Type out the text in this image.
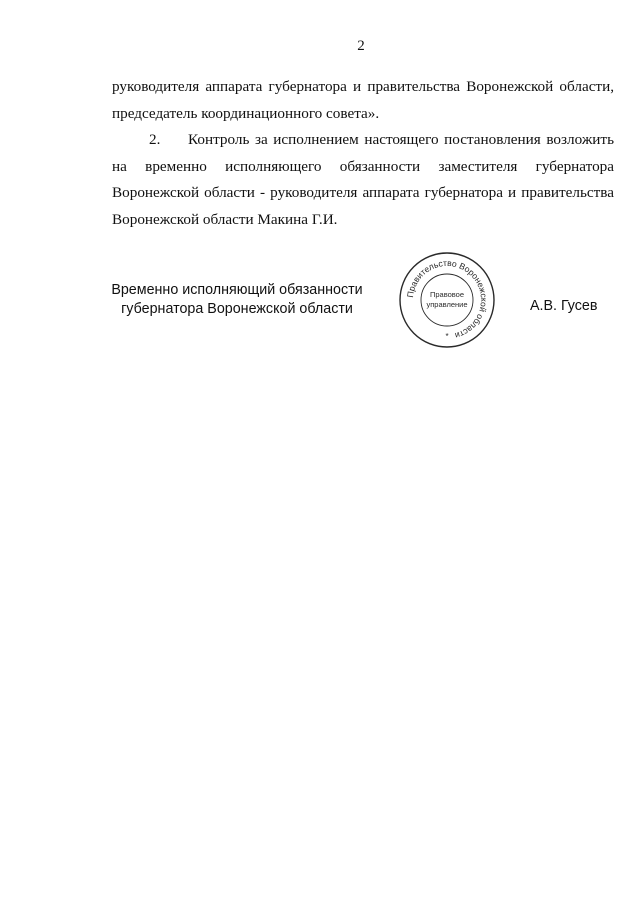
2

руководителя аппарата губернатора и правительства Воронежской области,

председатель координационного совета».

2. Контроль за исполнением настоящего постановления возложить

на временно исполняющего обязанности заместителя губернатора

Воронежской области - руководителя аппарата губернатора и правительства

Воронежской области Макина Г.И.

Временно исполняющий обязанности
губернатора Воронежской области
Правительство Воронежской области
Правовое
управление
*
А.В. Гусев
